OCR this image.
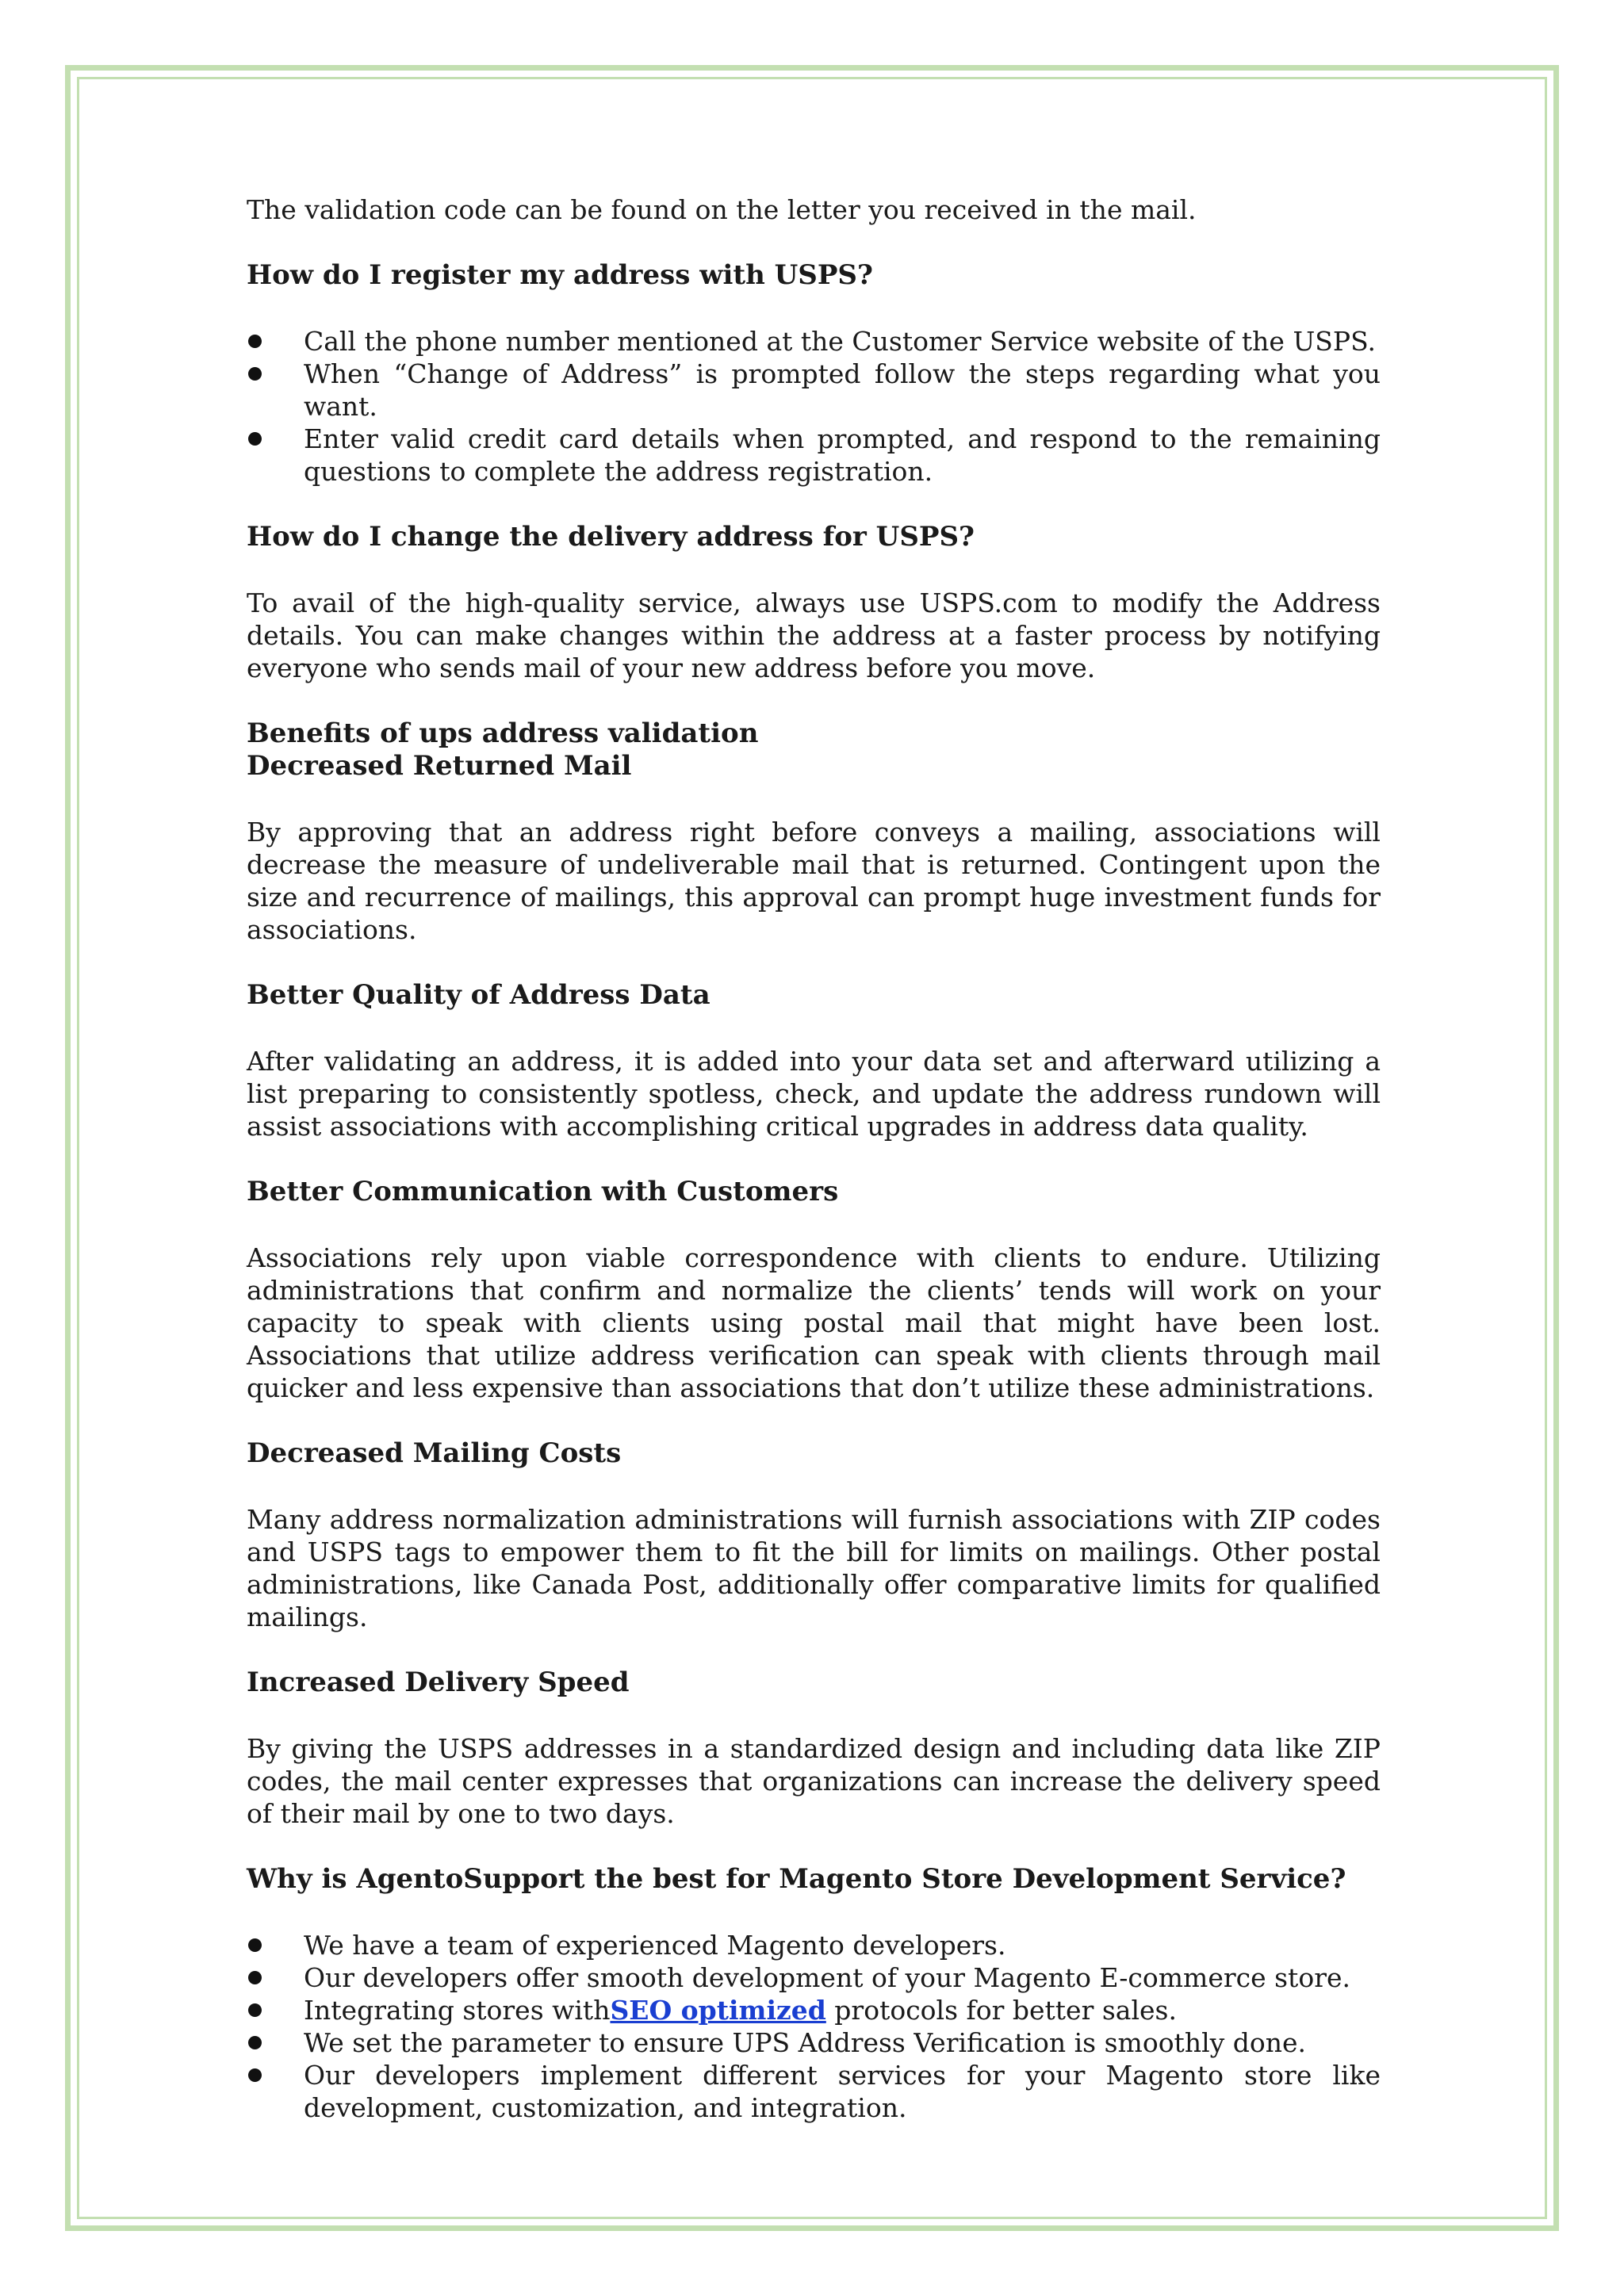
The validation code can be found on the letter you received in the mail.

How do I register my address with USPS?
Call the phone number mentioned at the Customer Service website of the USPS.
When “Change of Address” is prompted follow the steps regarding what you want.
Enter valid credit card details when prompted, and respond to the remaining questions to complete the address registration.
How do I change the delivery address for USPS?

To avail of the high-quality service, always use USPS.com to modify the Address details. You can make changes within the address at a faster process by notifying everyone who sends mail of your new address before you move.

Benefits of ups address validation
Decreased Returned Mail

By approving that an address right before conveys a mailing, associations will decrease the measure of undeliverable mail that is returned. Contingent upon the size and recurrence of mailings, this approval can prompt huge investment funds for associations.

Better Quality of Address Data

After validating an address, it is added into your data set and afterward utilizing a list preparing to consistently spotless, check, and update the address rundown will assist associations with accomplishing critical upgrades in address data quality.

Better Communication with Customers

Associations rely upon viable correspondence with clients to endure. Utilizing administrations that confirm and normalize the clients’ tends will work on your capacity to speak with clients using postal mail that might have been lost. Associations that utilize address verification can speak with clients through mail quicker and less expensive than associations that don’t utilize these administrations.

Decreased Mailing Costs

Many address normalization administrations will furnish associations with ZIP codes and USPS tags to empower them to fit the bill for limits on mailings. Other postal administrations, like Canada Post, additionally offer comparative limits for qualified mailings.

Increased Delivery Speed

By giving the USPS addresses in a standardized design and including data like ZIP codes, the mail center expresses that organizations can increase the delivery speed of their mail by one to two days.

Why is AgentoSupport the best for Magento Store Development Service?
We have a team of experienced Magento developers.
Our developers offer smooth development of your Magento E-commerce store.
Integrating stores withSEO optimized protocols for better sales.
We set the parameter to ensure UPS Address Verification is smoothly done.
Our developers implement different services for your Magento store like development, customization, and integration.
